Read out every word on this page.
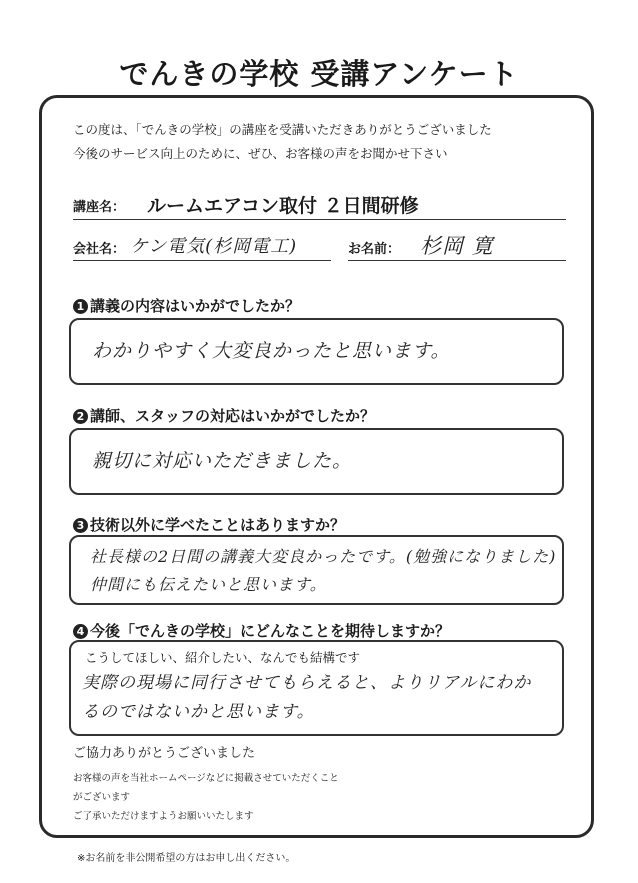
でんきの学校 受講アンケート
この度は、「でんきの学校」の講座を受講いただきありがとうございました
今後のサービス向上のために、ぜひ、お客様の声をお聞かせ下さい
講座名： ルームエアコン取付 ２日間研修
会社名： ケン電気(杉岡電工)	お名前： 杉岡 寛
1 講義の内容はいかがでしたか？
わかりやすく大変良かったと思います。
2 講師、スタッフの対応はいかがでしたか？
親切に対応いただきました。
3 技術以外に学べたことはありますか？
社長様の2日間の講義大変良かったです。(勉強になりました)
仲間にも伝えたいと思います。
4 今後「でんきの学校」にどんなことを期待しますか？
こうしてほしい、紹介したい、なんでも結構です
実際の現場に同行させてもらえると、よりリアルにわか
るのではないかと思います。
ご協力ありがとうございました
お客様の声を当社ホームページなどに掲載させていただくこと
がございます
ご了承いただけますようお願いいたします
※お名前を非公開希望の方はお申し出ください。
